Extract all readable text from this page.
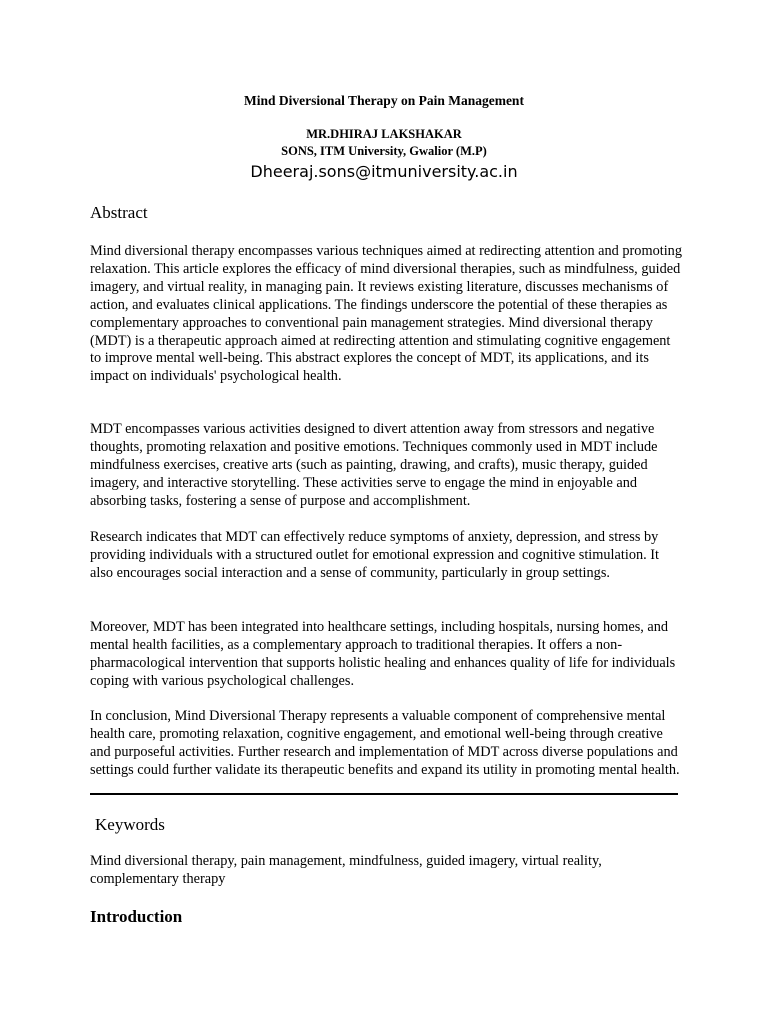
Mind Diversional Therapy on Pain Management
MR.DHIRAJ LAKSHAKAR
SONS, ITM University, Gwalior (M.P)
Dheeraj.sons@itmuniversity.ac.in
Abstract
Mind diversional therapy encompasses various techniques aimed at redirecting attention and promoting relaxation. This article explores the efficacy of mind diversional therapies, such as mindfulness, guided imagery, and virtual reality, in managing pain. It reviews existing literature, discusses mechanisms of action, and evaluates clinical applications. The findings underscore the potential of these therapies as complementary approaches to conventional pain management strategies. Mind diversional therapy (MDT) is a therapeutic approach aimed at redirecting attention and stimulating cognitive engagement to improve mental well-being. This abstract explores the concept of MDT, its applications, and its impact on individuals' psychological health.
MDT encompasses various activities designed to divert attention away from stressors and negative thoughts, promoting relaxation and positive emotions. Techniques commonly used in MDT include mindfulness exercises, creative arts (such as painting, drawing, and crafts), music therapy, guided imagery, and interactive storytelling. These activities serve to engage the mind in enjoyable and absorbing tasks, fostering a sense of purpose and accomplishment.
Research indicates that MDT can effectively reduce symptoms of anxiety, depression, and stress by providing individuals with a structured outlet for emotional expression and cognitive stimulation. It also encourages social interaction and a sense of community, particularly in group settings.
Moreover, MDT has been integrated into healthcare settings, including hospitals, nursing homes, and mental health facilities, as a complementary approach to traditional therapies. It offers a non-pharmacological intervention that supports holistic healing and enhances quality of life for individuals coping with various psychological challenges.
In conclusion, Mind Diversional Therapy represents a valuable component of comprehensive mental health care, promoting relaxation, cognitive engagement, and emotional well-being through creative and purposeful activities. Further research and implementation of MDT across diverse populations and settings could further validate its therapeutic benefits and expand its utility in promoting mental health.
Keywords
Mind diversional therapy, pain management, mindfulness, guided imagery, virtual reality, complementary therapy
Introduction
